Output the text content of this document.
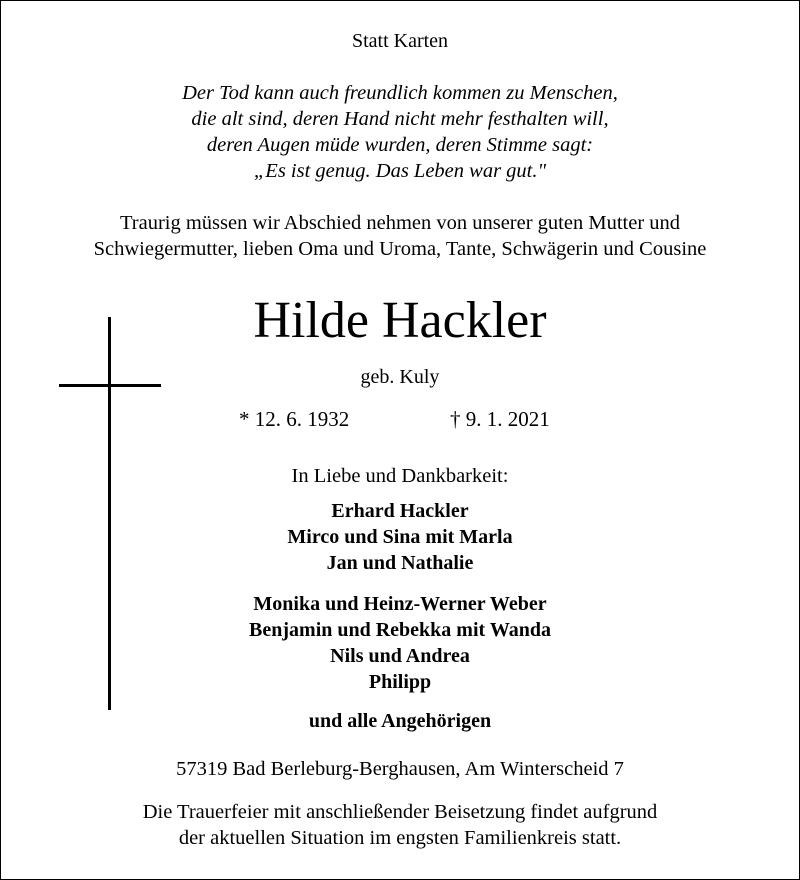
Statt Karten
Der Tod kann auch freundlich kommen zu Menschen,
die alt sind, deren Hand nicht mehr festhalten will,
deren Augen müde wurden, deren Stimme sagt:
„Es ist genug. Das Leben war gut."
Traurig müssen wir Abschied nehmen von unserer guten Mutter und
Schwiegermutter, lieben Oma und Uroma, Tante, Schwägerin und Cousine
Hilde Hackler
geb. Kuly
* 12. 6. 1932	† 9. 1. 2021
In Liebe und Dankbarkeit:
Erhard Hackler
Mirco und Sina mit Marla
Jan und Nathalie
Monika und Heinz-Werner Weber
Benjamin und Rebekka mit Wanda
Nils und Andrea
Philipp
und alle Angehörigen
57319 Bad Berleburg-Berghausen, Am Winterscheid 7
Die Trauerfeier mit anschließender Beisetzung findet aufgrund
der aktuellen Situation im engsten Familienkreis statt.
